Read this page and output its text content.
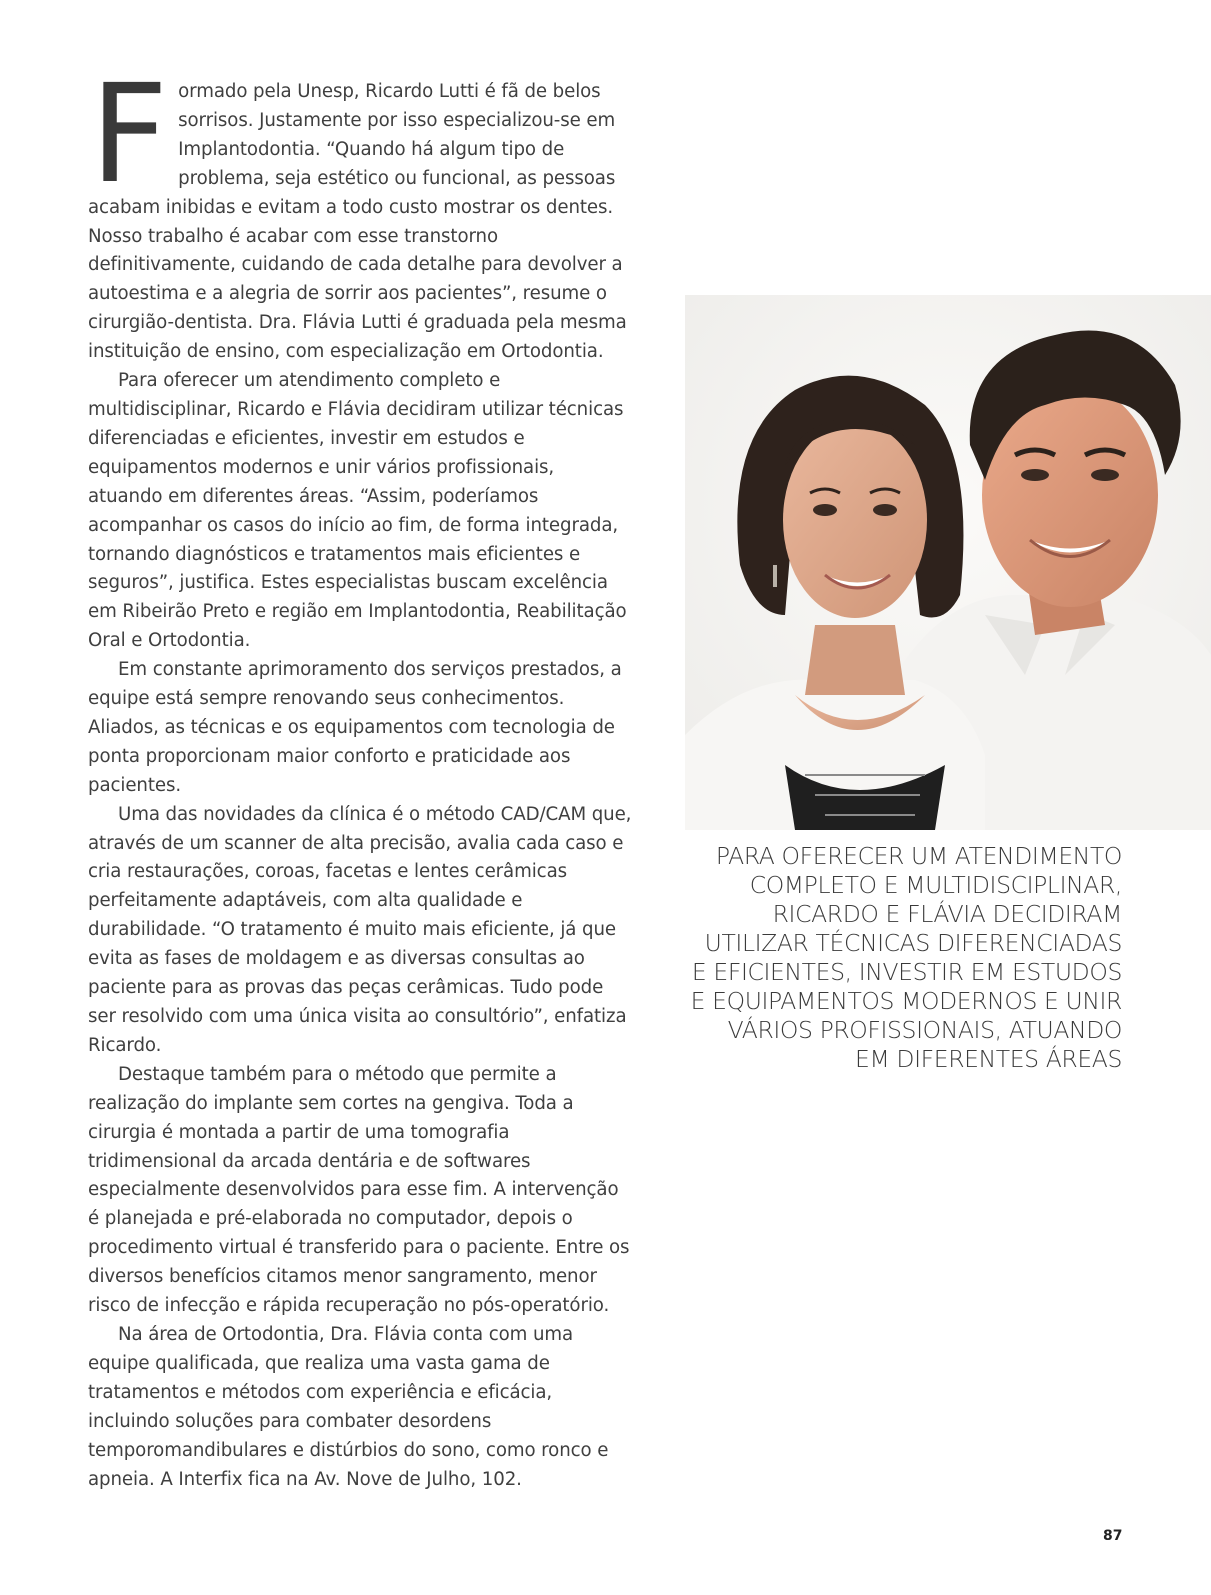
Formado pela Unesp, Ricardo Lutti é fã de belos sorrisos. Justamente por isso especializou-se em Implantodontia. “Quando há algum tipo de problema, seja estético ou funcional, as pessoas acabam inibidas e evitam a todo custo mostrar os dentes. Nosso trabalho é acabar com esse transtorno definitivamente, cuidando de cada detalhe para devolver a autoestima e a alegria de sorrir aos pacientes”, resume o cirurgião-dentista. Dra. Flávia Lutti é graduada pela mesma instituição de ensino, com especialização em Ortodontia.

Para oferecer um atendimento completo e multidisciplinar, Ricardo e Flávia decidiram utilizar técnicas diferenciadas e eficientes, investir em estudos e equipamentos modernos e unir vários profissionais, atuando em diferentes áreas. “Assim, poderíamos acompanhar os casos do início ao fim, de forma integrada, tornando diagnósticos e tratamentos mais eficientes e seguros”, justifica. Estes especialistas buscam excelência em Ribeirão Preto e região em Implantodontia, Reabilitação Oral e Ortodontia.

Em constante aprimoramento dos serviços prestados, a equipe está sempre renovando seus conhecimentos. Aliados, as técnicas e os equipamentos com tecnologia de ponta proporcionam maior conforto e praticidade aos pacientes.

Uma das novidades da clínica é o método CAD/CAM que, através de um scanner de alta precisão, avalia cada caso e cria restaurações, coroas, facetas e lentes cerâmicas perfeitamente adaptáveis, com alta qualidade e durabilidade. “O tratamento é muito mais eficiente, já que evita as fases de moldagem e as diversas consultas ao paciente para as provas das peças cerâmicas. Tudo pode ser resolvido com uma única visita ao consultório”, enfatiza Ricardo.

Destaque também para o método que permite a realização do implante sem cortes na gengiva. Toda a cirurgia é montada a partir de uma tomografia tridimensional da arcada dentária e de softwares especialmente desenvolvidos para esse fim. A intervenção é planejada e pré-elaborada no computador, depois o procedimento virtual é transferido para o paciente. Entre os diversos benefícios citamos menor sangramento, menor risco de infecção e rápida recuperação no pós-operatório.

Na área de Ortodontia, Dra. Flávia conta com uma equipe qualificada, que realiza uma vasta gama de tratamentos e métodos com experiência e eficácia, incluindo soluções para combater desordens temporomandibulares e distúrbios do sono, como ronco e apneia. A Interfix fica na Av. Nove de Julho, 102.

PARA OFERECER UM ATENDIMENTO COMPLETO E MULTIDISCIPLINAR, RICARDO E FLÁVIA DECIDIRAM UTILIZAR TÉCNICAS DIFERENCIADAS E EFICIENTES, INVESTIR EM ESTUDOS E EQUIPAMENTOS MODERNOS E UNIR VÁRIOS PROFISSIONAIS, ATUANDO EM DIFERENTES ÁREAS
87
